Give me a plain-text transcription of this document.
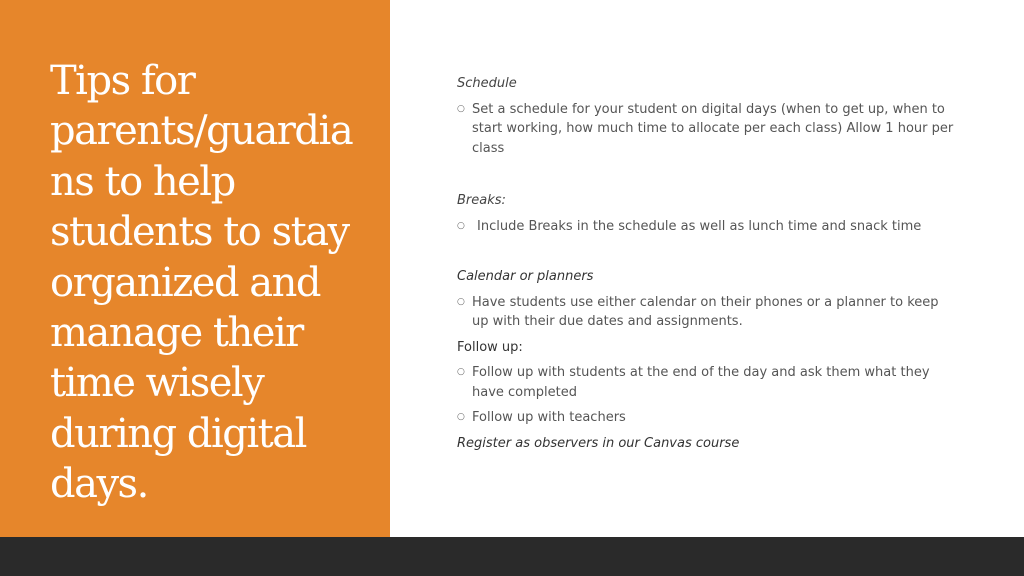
Tips for
parents/guardia
ns to help
students to stay
organized and
manage their
time wisely
during digital
days.

Schedule

○ Set a schedule for your student on digital days (when to get up, when to start working, how much time to allocate per each class) Allow 1 hour per class

Breaks:

○ Include Breaks in the schedule as well as lunch time and snack time

Calendar or planners

○ Have students use either calendar on their phones or a planner to keep up with their due dates and assignments.

Follow up:

○ Follow up with students at the end of the day and ask them what they have completed
○ Follow up with teachers

Register as observers in our Canvas course
